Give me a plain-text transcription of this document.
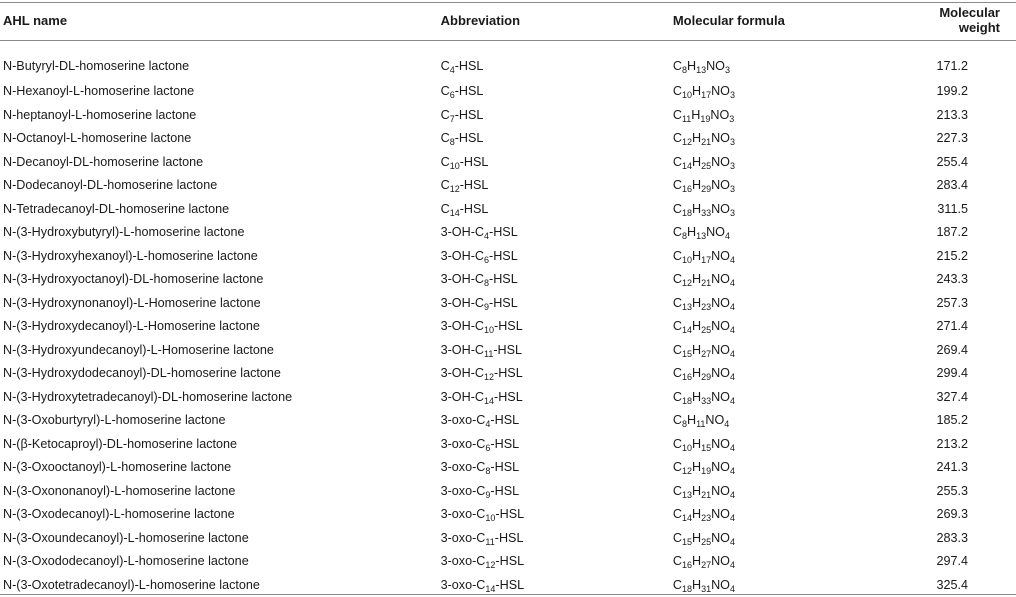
AHL name	Abbreviation	Molecular formula	Molecular weight
N-Butyryl-DL-homoserine lactone	$C_4$-HSL	$C_8H_{13}NO_3$	171.2
N-Hexanoyl-L-homoserine lactone	$C_6$-HSL	$C_{10}H_{17}NO_3$	199.2
N-heptanoyl-L-homoserine lactone	$C_7$-HSL	$C_{11}H_{19}NO_3$	213.3
N-Octanoyl-L-homoserine lactone	$C_8$-HSL	$C_{12}H_{21}NO_3$	227.3
N-Decanoyl-DL-homoserine lactone	$C_{10}$-HSL	$C_{14}H_{25}NO_3$	255.4
N-Dodecanoyl-DL-homoserine lactone	$C_{12}$-HSL	$C_{16}H_{29}NO_3$	283.4
N-Tetradecanoyl-DL-homoserine lactone	$C_{14}$-HSL	$C_{18}H_{33}NO_3$	311.5
N-(3-Hydroxybutyryl)-L-homoserine lactone	$3-OH-C_4$-HSL	$C_8H_{13}NO_4$	187.2
N-(3-Hydroxyhexanoyl)-L-homoserine lactone	$3-OH-C_6$-HSL	$C_{10}H_{17}NO_4$	215.2
N-(3-Hydroxyoctanoyl)-DL-homoserine lactone	$3-OH-C_8$-HSL	$C_{12}H_{21}NO_4$	243.3
N-(3-Hydroxynonanoyl)-L-Homoserine lactone	$3-OH-C_9$-HSL	$C_{13}H_{23}NO_4$	257.3
N-(3-Hydroxydecanoyl)-L-Homoserine lactone	$3-OH-C_{10}$-HSL	$C_{14}H_{25}NO_4$	271.4
N-(3-Hydroxyundecanoyl)-L-Homoserine lactone	$3-OH-C_{11}$-HSL	$C_{15}H_{27}NO_4$	269.4
N-(3-Hydroxydodecanoyl)-DL-homoserine lactone	$3-OH-C_{12}$-HSL	$C_{16}H_{29}NO_4$	299.4
N-(3-Hydroxytetradecanoyl)-DL-homoserine lactone	$3-OH-C_{14}$-HSL	$C_{18}H_{33}NO_4$	327.4
N-(3-Oxoburtyryl)-L-homoserine lactone	$3-oxo-C_4$-HSL	$C_8H_{11}NO_4$	185.2
N-(β-Ketocaproyl)-DL-homoserine lactone	$3-oxo-C_6$-HSL	$C_{10}H_{15}NO_4$	213.2
N-(3-Oxooctanoyl)-L-homoserine lactone	$3-oxo-C_8$-HSL	$C_{12}H_{19}NO_4$	241.3
N-(3-Oxononanoyl)-L-homoserine lactone	$3-oxo-C_9$-HSL	$C_{13}H_{21}NO_4$	255.3
N-(3-Oxodecanoyl)-L-homoserine lactone	$3-oxo-C_{10}$-HSL	$C_{14}H_{23}NO_4$	269.3
N-(3-Oxoundecanoyl)-L-homoserine lactone	$3-oxo-C_{11}$-HSL	$C_{15}H_{25}NO_4$	283.3
N-(3-Oxododecanoyl)-L-homoserine lactone	$3-oxo-C_{12}$-HSL	$C_{16}H_{27}NO_4$	297.4
N-(3-Oxotetradecanoyl)-L-homoserine lactone	$3-oxo-C_{14}$-HSL	$C_{18}H_{31}NO_4$	325.4
